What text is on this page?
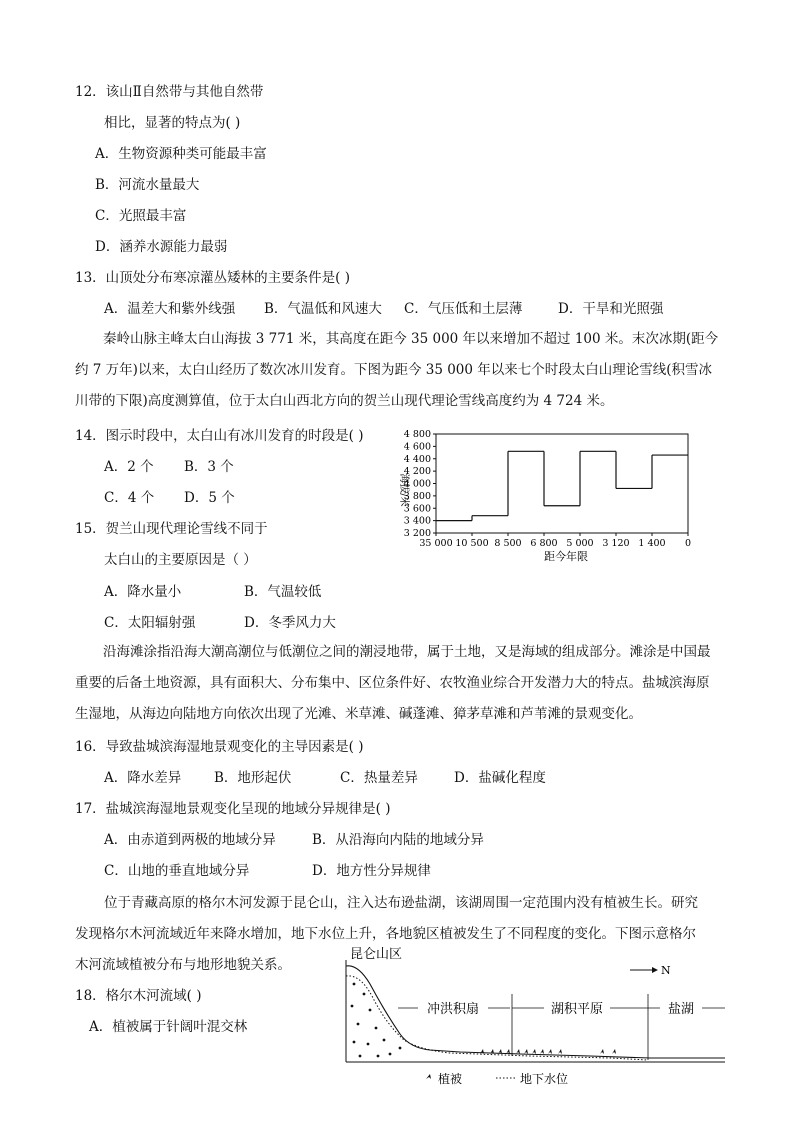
12．该山Ⅱ自然带与其他自然带
相比，显著的特点为( )
A．生物资源种类可能最丰富
B．河流水量最大
C．光照最丰富
D．涵养水源能力最弱
13．山顶处分布寒凉灌丛矮林的主要条件是( )
A．温差大和紫外线强 B．气温低和风速大 C．气压低和土层薄	D．干旱和光照强
秦岭山脉主峰太白山海拔 3 771 米，其高度在距今 35 000 年以来增加不超过 100 米。末次冰期(距今约 7 万年)以来，太白山经历了数次冰川发育。下图为距今 35 000 年以来七个时段太白山理论雪线(积雪冰川带的下限)高度测算值，位于太白山西北方向的贺兰山现代理论雪线高度约为 4 724 米。
14．图示时段中，太白山有冰川发育的时段是( )
A．2 个 B．3 个
C．4 个 D．5 个
15．贺兰山现代理论雪线不同于
太白山的主要原因是（ ）
A．降水量小	B．气温较低
C．太阳辐射强	D．冬季风力大
4 800
4 600
4 400
4 200
4 000
3 800
3 600
3 400
3 200
35 000 10 500 8 500 6 800 5 000 3 120 1 400 0
海拔/米
距今年限
沿海滩涂指沿海大潮高潮位与低潮位之间的潮浸地带，属于土地，又是海域的组成部分。滩涂是中国最重要的后备土地资源，具有面积大、分布集中、区位条件好、农牧渔业综合开发潜力大的特点。盐城滨海原生湿地，从海边向陆地方向依次出现了光滩、米草滩、碱蓬滩、獐茅草滩和芦苇滩的景观变化。
16．导致盐城滨海湿地景观变化的主导因素是( )
A．降水差异 B．地形起伏	C．热量差异	D．盐碱化程度
17．盐城滨海湿地景观变化呈现的地域分异规律是( )
A．由赤道到两极的地域分异	B．从沿海向内陆的地域分异
C．山地的垂直地域分异	D．地方性分异规律
位于青藏高原的格尔木河发源于昆仑山，注入达布逊盐湖，该湖周围一定范围内没有植被生长。研究
发现格尔木河流域近年来降水增加，地下水位上升，各地貌区植被发生了不同程度的变化。下图示意格尔
木河流域植被分布与地形地貌关系。
18．格尔木河流域( )
A．植被属于针阔叶混交林
昆仑山区
N
冲洪积扇	湖积平原	盐湖
植被	地下水位
